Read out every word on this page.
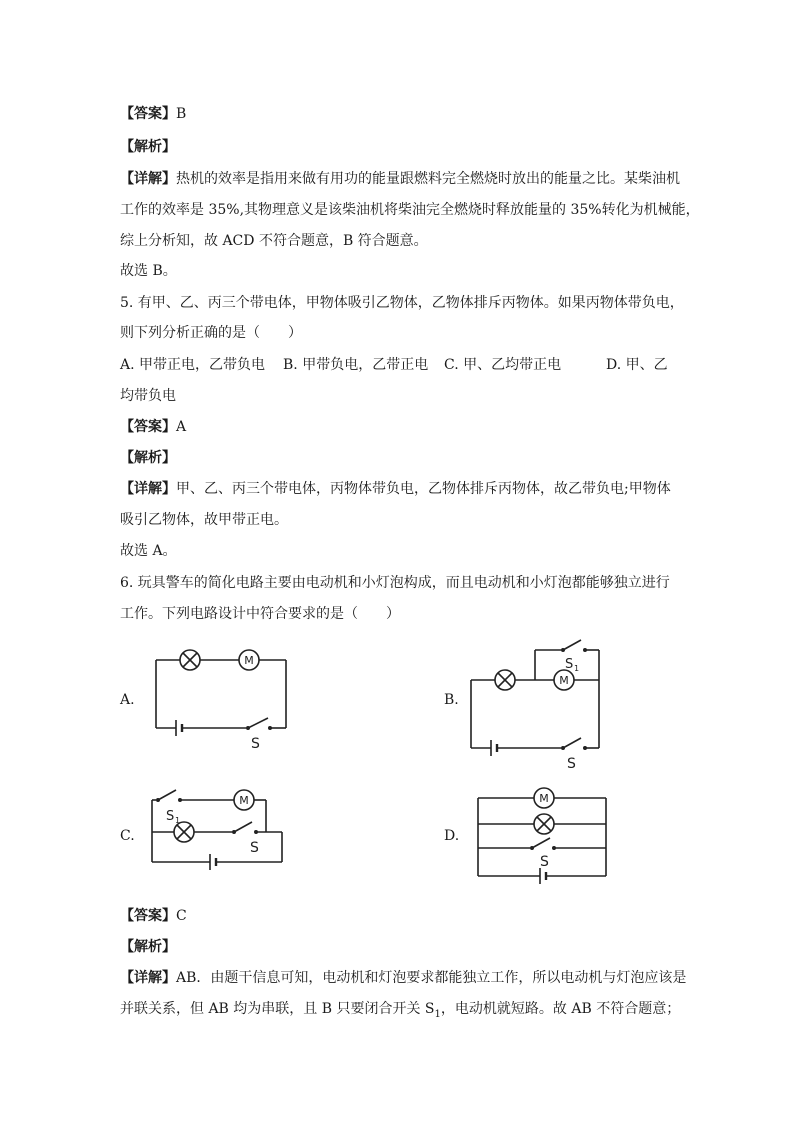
【答案】B
【解析】
【详解】热机的效率是指用来做有用功的能量跟燃料完全燃烧时放出的能量之比。某柴油机
工作的效率是 35%,其物理意义是该柴油机将柴油完全燃烧时释放能量的 35%转化为机械能，
综上分析知，故 ACD 不符合题意，B 符合题意。
故选 B。
5. 有甲、乙、丙三个带电体，甲物体吸引乙物体，乙物体排斥丙物体。如果丙物体带负电，
则下列分析正确的是（　　）
A. 甲带正电，乙带负电 B. 甲带负电，乙带正电 C. 甲、乙均带正电	D. 甲、乙
均带负电
【答案】A
【解析】
【详解】甲、乙、丙三个带电体，丙物体带负电，乙物体排斥丙物体，故乙带负电;甲物体
吸引乙物体，故甲带正电。
故选 A。
6. 玩具警车的简化电路主要由电动机和小灯泡构成，而且电动机和小灯泡都能够独立进行
工作。下列电路设计中符合要求的是（　　）
A.
M
S
B.
M
S 1
S
C.
M
S 1
S
D.
M
S
【答案】C
【解析】
【详解】AB．由题干信息可知，电动机和灯泡要求都能独立工作，所以电动机与灯泡应该是
并联关系，但 AB 均为串联，且 B 只要闭合开关 $S_1$，电动机就短路。故 AB 不符合题意；
